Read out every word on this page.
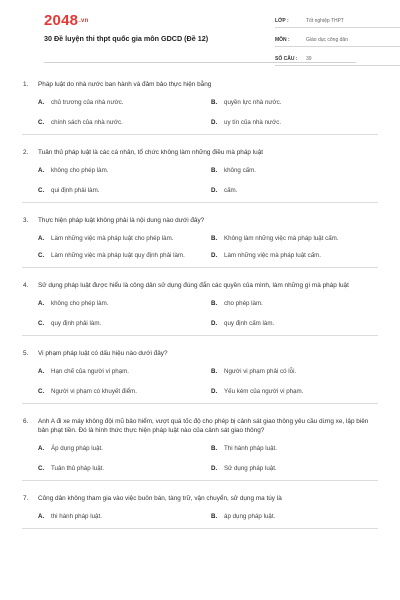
2048.vn
30 Đề luyện thi thpt quốc gia môn GDCD (Đề 12)
LỚP :	Tốt nghiệp THPT
MÔN :	Giáo dục công dân
SỐ CÂU :	39
1.	Pháp luật do nhà nước ban hành và đảm bảo thực hiện bằng
A.	chủ trương của nhà nước.	B.	quyền lực nhà nước.
C.	chính sách của nhà nước.	D.	uy tín của nhà nước.
2.	Tuân thủ pháp luật là các cá nhân, tổ chức không làm những điều mà pháp luật
A.	không cho phép làm.	B.	không cấm.
C.	qui định phải làm.	D.	cấm.
3.	Thực hiện pháp luật không phải là nội dung nào dưới đây?
A.	Làm những việc mà pháp luật cho phép làm.	B.	Không làm những việc mà pháp luật cấm.
C.	Làm những việc mà pháp luật quy định phải làm.	D.	Làm những việc mà pháp luật cấm.
4.	Sử dụng pháp luật được hiểu là công dân sử dụng đúng đắn các quyền của mình, làm những gì mà pháp luật
A.	không cho phép làm.	B.	cho phép làm.
C.	quy định phải làm.	D.	quy định cấm làm.
5.	Vi phạm pháp luật có dấu hiệu nào dưới đây?
A.	Hạn chế của người vi phạm.	B.	Người vi phạm phải có lỗi.
C.	Người vi phạm có khuyết điểm.	D.	Yếu kém của người vi phạm.
6.	Anh A đi xe máy không đội mũ bảo hiểm, vượt quá tốc độ cho phép bị cảnh sát giao thông yêu cầu dừng xe, lập biên bản phạt tiền. Đó là hình thức thực hiện pháp luật nào của cảnh sát giao thông?
A.	Áp dụng pháp luật.	B.	Thi hành pháp luật.
C.	Tuân thủ pháp luật.	D.	Sử dụng pháp luật.
7.	Công dân không tham gia vào việc buôn bán, tàng trữ, vận chuyển, sử dụng ma túy là
A.	thi hành pháp luật.	B.	áp dụng pháp luật.
